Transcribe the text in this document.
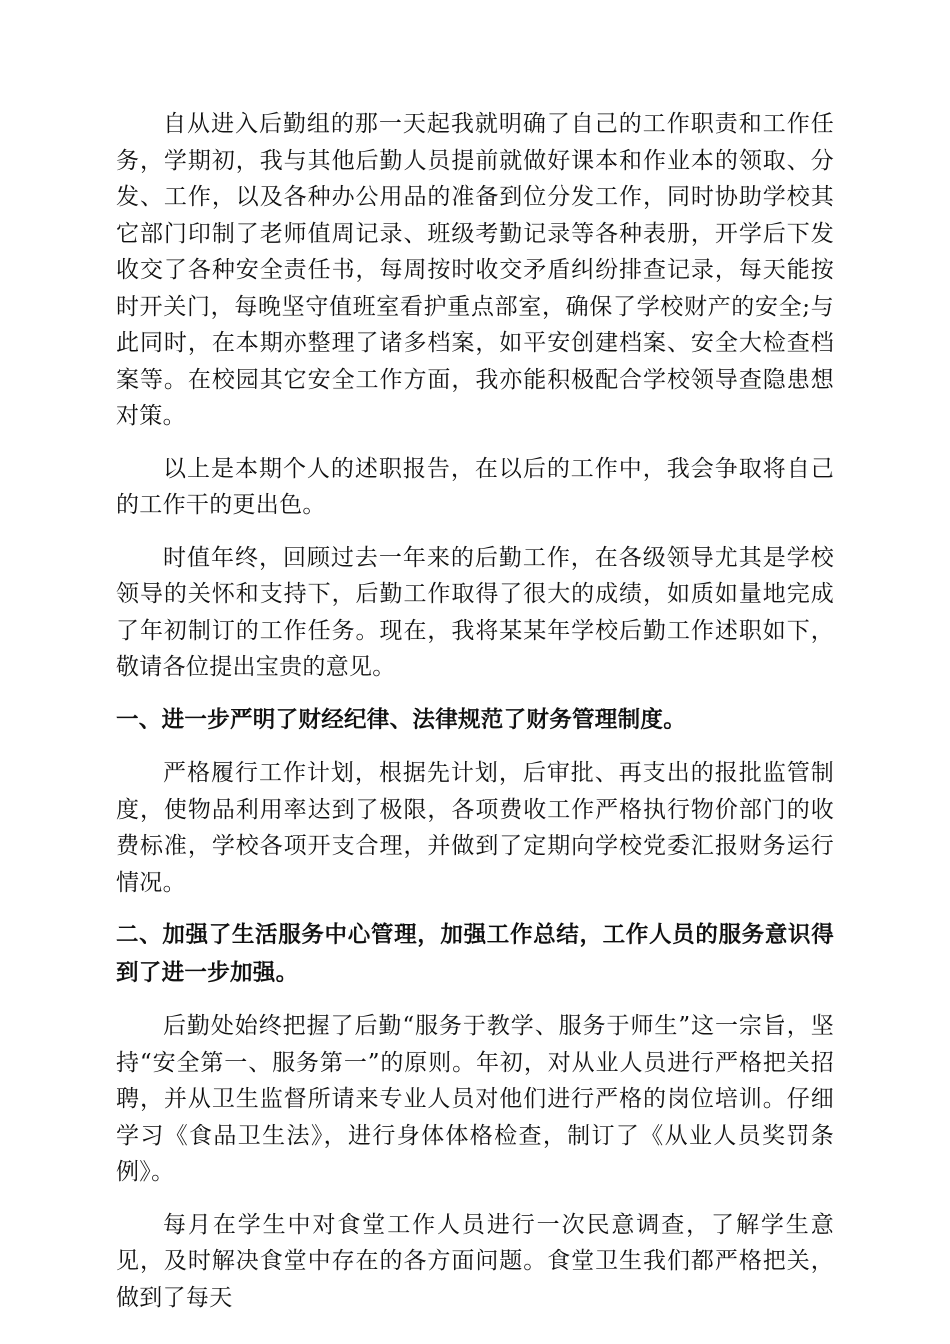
自从进入后勤组的那一天起我就明确了自己的工作职责和工作任务，学期初，我与其他后勤人员提前就做好课本和作业本的领取、分发、工作，以及各种办公用品的准备到位分发工作，同时协助学校其它部门印制了老师值周记录、班级考勤记录等各种表册，开学后下发收交了各种安全责任书，每周按时收交矛盾纠纷排查记录，每天能按时开关门，每晚坚守值班室看护重点部室，确保了学校财产的安全;与此同时，在本期亦整理了诸多档案，如平安创建档案、安全大检查档案等。在校园其它安全工作方面，我亦能积极配合学校领导查隐患想对策。

以上是本期个人的述职报告，在以后的工作中，我会争取将自己的工作干的更出色。

时值年终，回顾过去一年来的后勤工作，在各级领导尤其是学校领导的关怀和支持下，后勤工作取得了很大的成绩，如质如量地完成了年初制订的工作任务。现在，我将某某年学校后勤工作述职如下，敬请各位提出宝贵的意见。

一、进一步严明了财经纪律、法律规范了财务管理制度。

严格履行工作计划，根据先计划，后审批、再支出的报批监管制度，使物品利用率达到了极限，各项费收工作严格执行物价部门的收费标准，学校各项开支合理，并做到了定期向学校党委汇报财务运行情况。

二、加强了生活服务中心管理，加强工作总结，工作人员的服务意识得到了进一步加强。

后勤处始终把握了后勤“服务于教学、服务于师生”这一宗旨，坚持“安全第一、服务第一”的原则。年初，对从业人员进行严格把关招聘，并从卫生监督所请来专业人员对他们进行严格的岗位培训。仔细学习《食品卫生法》，进行身体体格检查，制订了《从业人员奖罚条例》。

每月在学生中对食堂工作人员进行一次民意调查，了解学生意见，及时解决食堂中存在的各方面问题。食堂卫生我们都严格把关，做到了每天
